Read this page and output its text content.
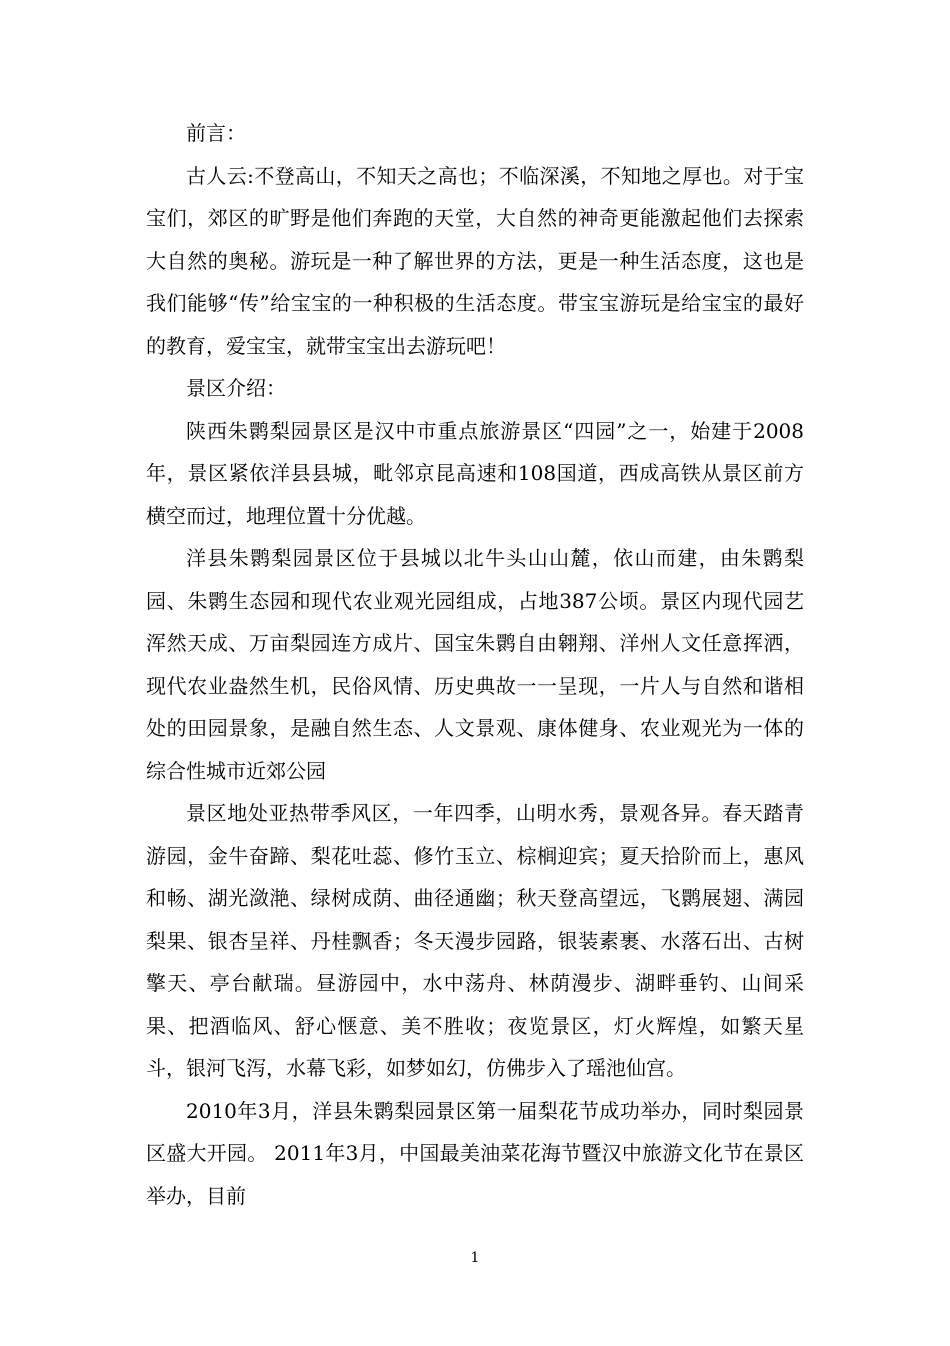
前言：

古人云:不登高山，不知天之高也；不临深溪，不知地之厚也。对于宝宝们，郊区的旷野是他们奔跑的天堂，大自然的神奇更能激起他们去探索大自然的奥秘。游玩是一种了解世界的方法，更是一种生活态度，这也是我们能够“传”给宝宝的一种积极的生活态度。带宝宝游玩是给宝宝的最好的教育，爱宝宝，就带宝宝出去游玩吧！

景区介绍：

陕西朱鹮梨园景区是汉中市重点旅游景区“四园”之一，始建于2008年，景区紧依洋县县城，毗邻京昆高速和108国道，西成高铁从景区前方横空而过，地理位置十分优越。

洋县朱鹮梨园景区位于县城以北牛头山山麓，依山而建，由朱鹮梨园、朱鹮生态园和现代农业观光园组成，占地387公顷。景区内现代园艺浑然天成、万亩梨园连方成片、国宝朱鹮自由翱翔、洋州人文任意挥洒，现代农业盎然生机，民俗风情、历史典故一一呈现，一片人与自然和谐相处的田园景象，是融自然生态、人文景观、康体健身、农业观光为一体的综合性城市近郊公园

景区地处亚热带季风区，一年四季，山明水秀，景观各异。春天踏青游园，金牛奋蹄、梨花吐蕊、修竹玉立、棕榈迎宾；夏天拾阶而上，惠风和畅、湖光潋滟、绿树成荫、曲径通幽；秋天登高望远，飞鹮展翅、满园梨果、银杏呈祥、丹桂飘香；冬天漫步园路，银装素裹、水落石出、古树擎天、亭台献瑞。昼游园中，水中荡舟、林荫漫步、湖畔垂钓、山间采果、把酒临风、舒心惬意、美不胜收；夜览景区，灯火辉煌，如繁天星斗，银河飞泻，水幕飞彩，如梦如幻，仿佛步入了瑶池仙宫。

2010年3月，洋县朱鹮梨园景区第一届梨花节成功举办，同时梨园景区盛大开园。 2011年3月，中国最美油菜花海节暨汉中旅游文化节在景区举办，目前

1
